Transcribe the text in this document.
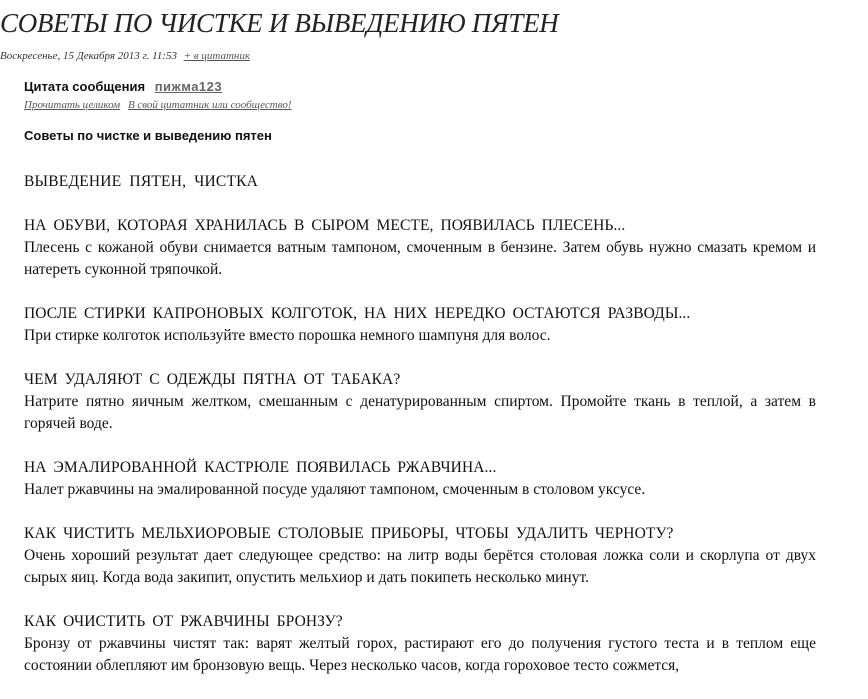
СОВЕТЫ ПО ЧИСТКЕ И ВЫВЕДЕНИЮ ПЯТЕН
Воскресенье, 15 Декабря 2013 г. 11:53 + в цитатник
Цитата сообщения пижма123
Прочитать целиком В свой цитатник или сообщество!
Советы по чистке и выведению пятен

ВЫВЕДЕНИЕ ПЯТЕН, ЧИСТКА

НА ОБУВИ, КОТОРАЯ ХРАНИЛАСЬ В СЫРОМ МЕСТЕ, ПОЯВИЛАСЬ ПЛЕСЕНЬ...

Плесень с кожаной обуви снимается ватным тампоном, смоченным в бензине. Затем обувь нужно смазать кремом и натереть суконной тряпочкой.

ПОСЛЕ СТИРКИ КАПРОНОВЫХ КОЛГОТОК, НА НИХ НЕРЕДКО ОСТАЮТСЯ РАЗВОДЫ...

При стирке колготок используйте вместо порошка немного шампуня для волос.

ЧЕМ УДАЛЯЮТ С ОДЕЖДЫ ПЯТНА ОТ ТАБАКА?

Натрите пятно яичным желтком, смешанным с денатурированным спиртом. Промойте ткань в теплой, а затем в горячей воде.

НА ЭМАЛИРОВАННОЙ КАСТРЮЛЕ ПОЯВИЛАСЬ РЖАВЧИНА...

Налет ржавчины на эмалированной посуде удаляют тампоном, смоченным в столовом уксусе.

КАК ЧИСТИТЬ МЕЛЬХИОРОВЫЕ СТОЛОВЫЕ ПРИБОРЫ, ЧТОБЫ УДАЛИТЬ ЧЕРНОТУ?

Очень хороший результат дает следующее средство: на литр воды берётся столовая ложка соли и скорлупа от двух сырых яиц. Когда вода закипит, опустить мельхиор и дать покипеть несколько минут.

КАК ОЧИСТИТЬ ОТ РЖАВЧИНЫ БРОНЗУ?

Бронзу от ржавчины чистят так: варят желтый горох, растирают его до получения густого теста и в теплом еще состоянии облепляют им бронзовую вещь. Через несколько часов, когда гороховое тесто сожмется,
